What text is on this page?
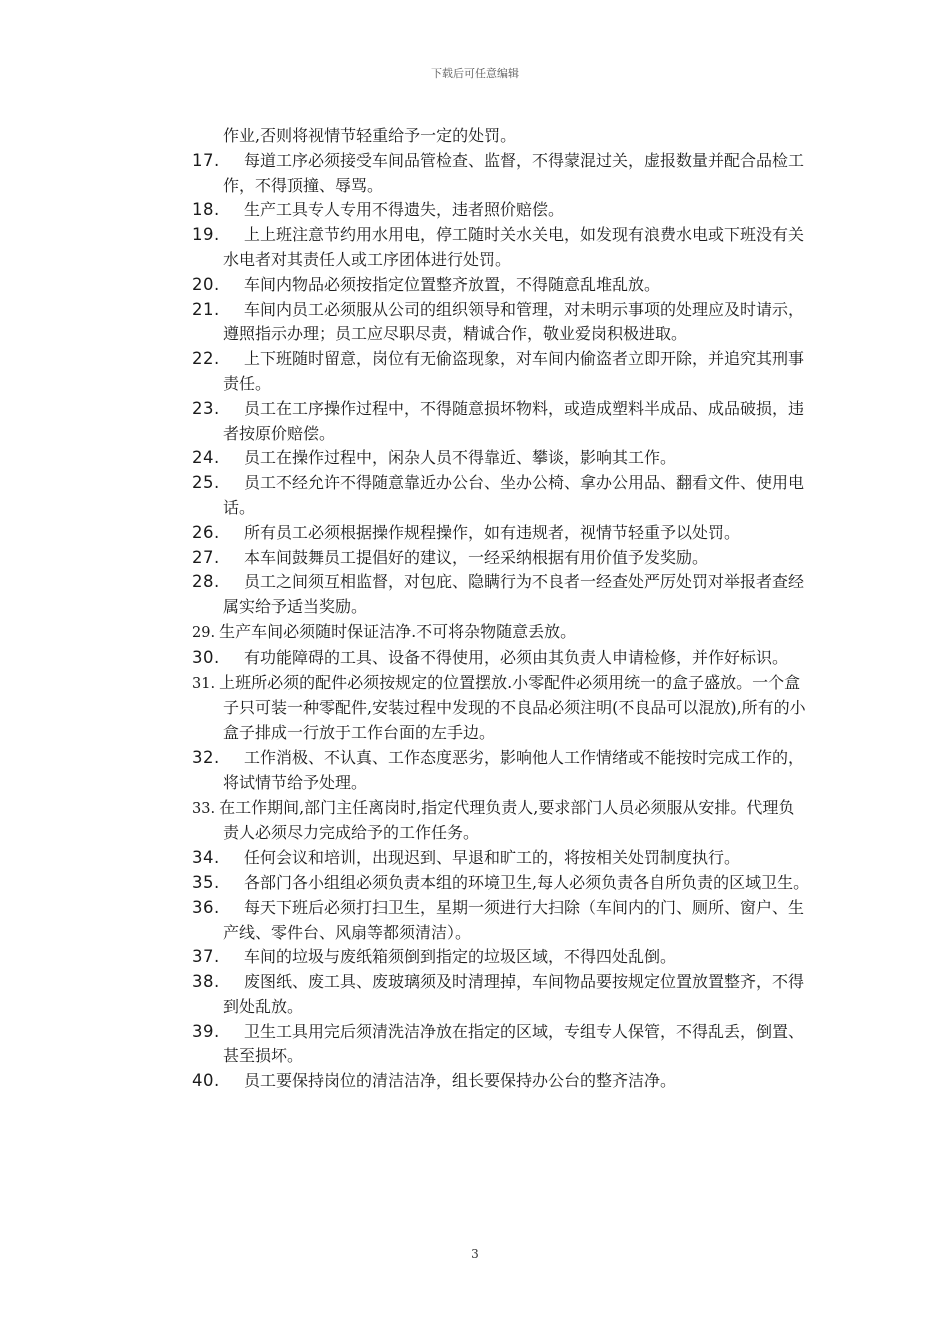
下载后可任意编辑
作业,否则将视情节轻重给予一定的处罚。
17.	每道工序必须接受车间品管检查、监督，不得蒙混过关，虚报数量并配合品检工作，不得顶撞、辱骂。
18.	生产工具专人专用不得遗失，违者照价赔偿。
19.	上上班注意节约用水用电，停工随时关水关电，如发现有浪费水电或下班没有关水电者对其责任人或工序团体进行处罚。
20.	车间内物品必须按指定位置整齐放置，不得随意乱堆乱放。
21.	车间内员工必须服从公司的组织领导和管理，对未明示事项的处理应及时请示，遵照指示办理；员工应尽职尽责，精诚合作，敬业爱岗积极进取。
22.	上下班随时留意，岗位有无偷盗现象，对车间内偷盗者立即开除，并追究其刑事责任。
23.	员工在工序操作过程中，不得随意损坏物料，或造成塑料半成品、成品破损，违者按原价赔偿。
24.	员工在操作过程中，闲杂人员不得靠近、攀谈，影响其工作。
25.	员工不经允许不得随意靠近办公台、坐办公椅、拿办公用品、翻看文件、使用电话。
26.	所有员工必须根据操作规程操作，如有违规者，视情节轻重予以处罚。
27.	本车间鼓舞员工提倡好的建议，一经采纳根据有用价值予发奖励。
28.	员工之间须互相监督，对包庇、隐瞒行为不良者一经查处严厉处罚对举报者查经属实给予适当奖励。
29. 生产车间必须随时保证洁净.不可将杂物随意丢放。
30.	有功能障碍的工具、设备不得使用，必须由其负责人申请检修，并作好标识。
31. 上班所必须的配件必须按规定的位置摆放.小零配件必须用统一的盒子盛放。一个盒子只可装一种零配件,安装过程中发现的不良品必须注明(不良品可以混放),所有的小盒子排成一行放于工作台面的左手边。
32.	工作消极、不认真、工作态度恶劣，影响他人工作情绪或不能按时完成工作的，将试情节给予处理。
33. 在工作期间,部门主任离岗时,指定代理负责人,要求部门人员必须服从安排。代理负责人必须尽力完成给予的工作任务。
34.	任何会议和培训，出现迟到、早退和旷工的，将按相关处罚制度执行。
35.	各部门各小组组必须负责本组的环境卫生,每人必须负责各自所负责的区域卫生。
36.	每天下班后必须打扫卫生，星期一须进行大扫除（车间内的门、厕所、窗户、生产线、零件台、风扇等都须清洁）。
37.	车间的垃圾与废纸箱须倒到指定的垃圾区域，不得四处乱倒。
38.	废图纸、废工具、废玻璃须及时清理掉，车间物品要按规定位置放置整齐，不得到处乱放。
39.	卫生工具用完后须清洗洁净放在指定的区域，专组专人保管，不得乱丢，倒置、甚至损坏。
40.	员工要保持岗位的清洁洁净，组长要保持办公台的整齐洁净。
3
